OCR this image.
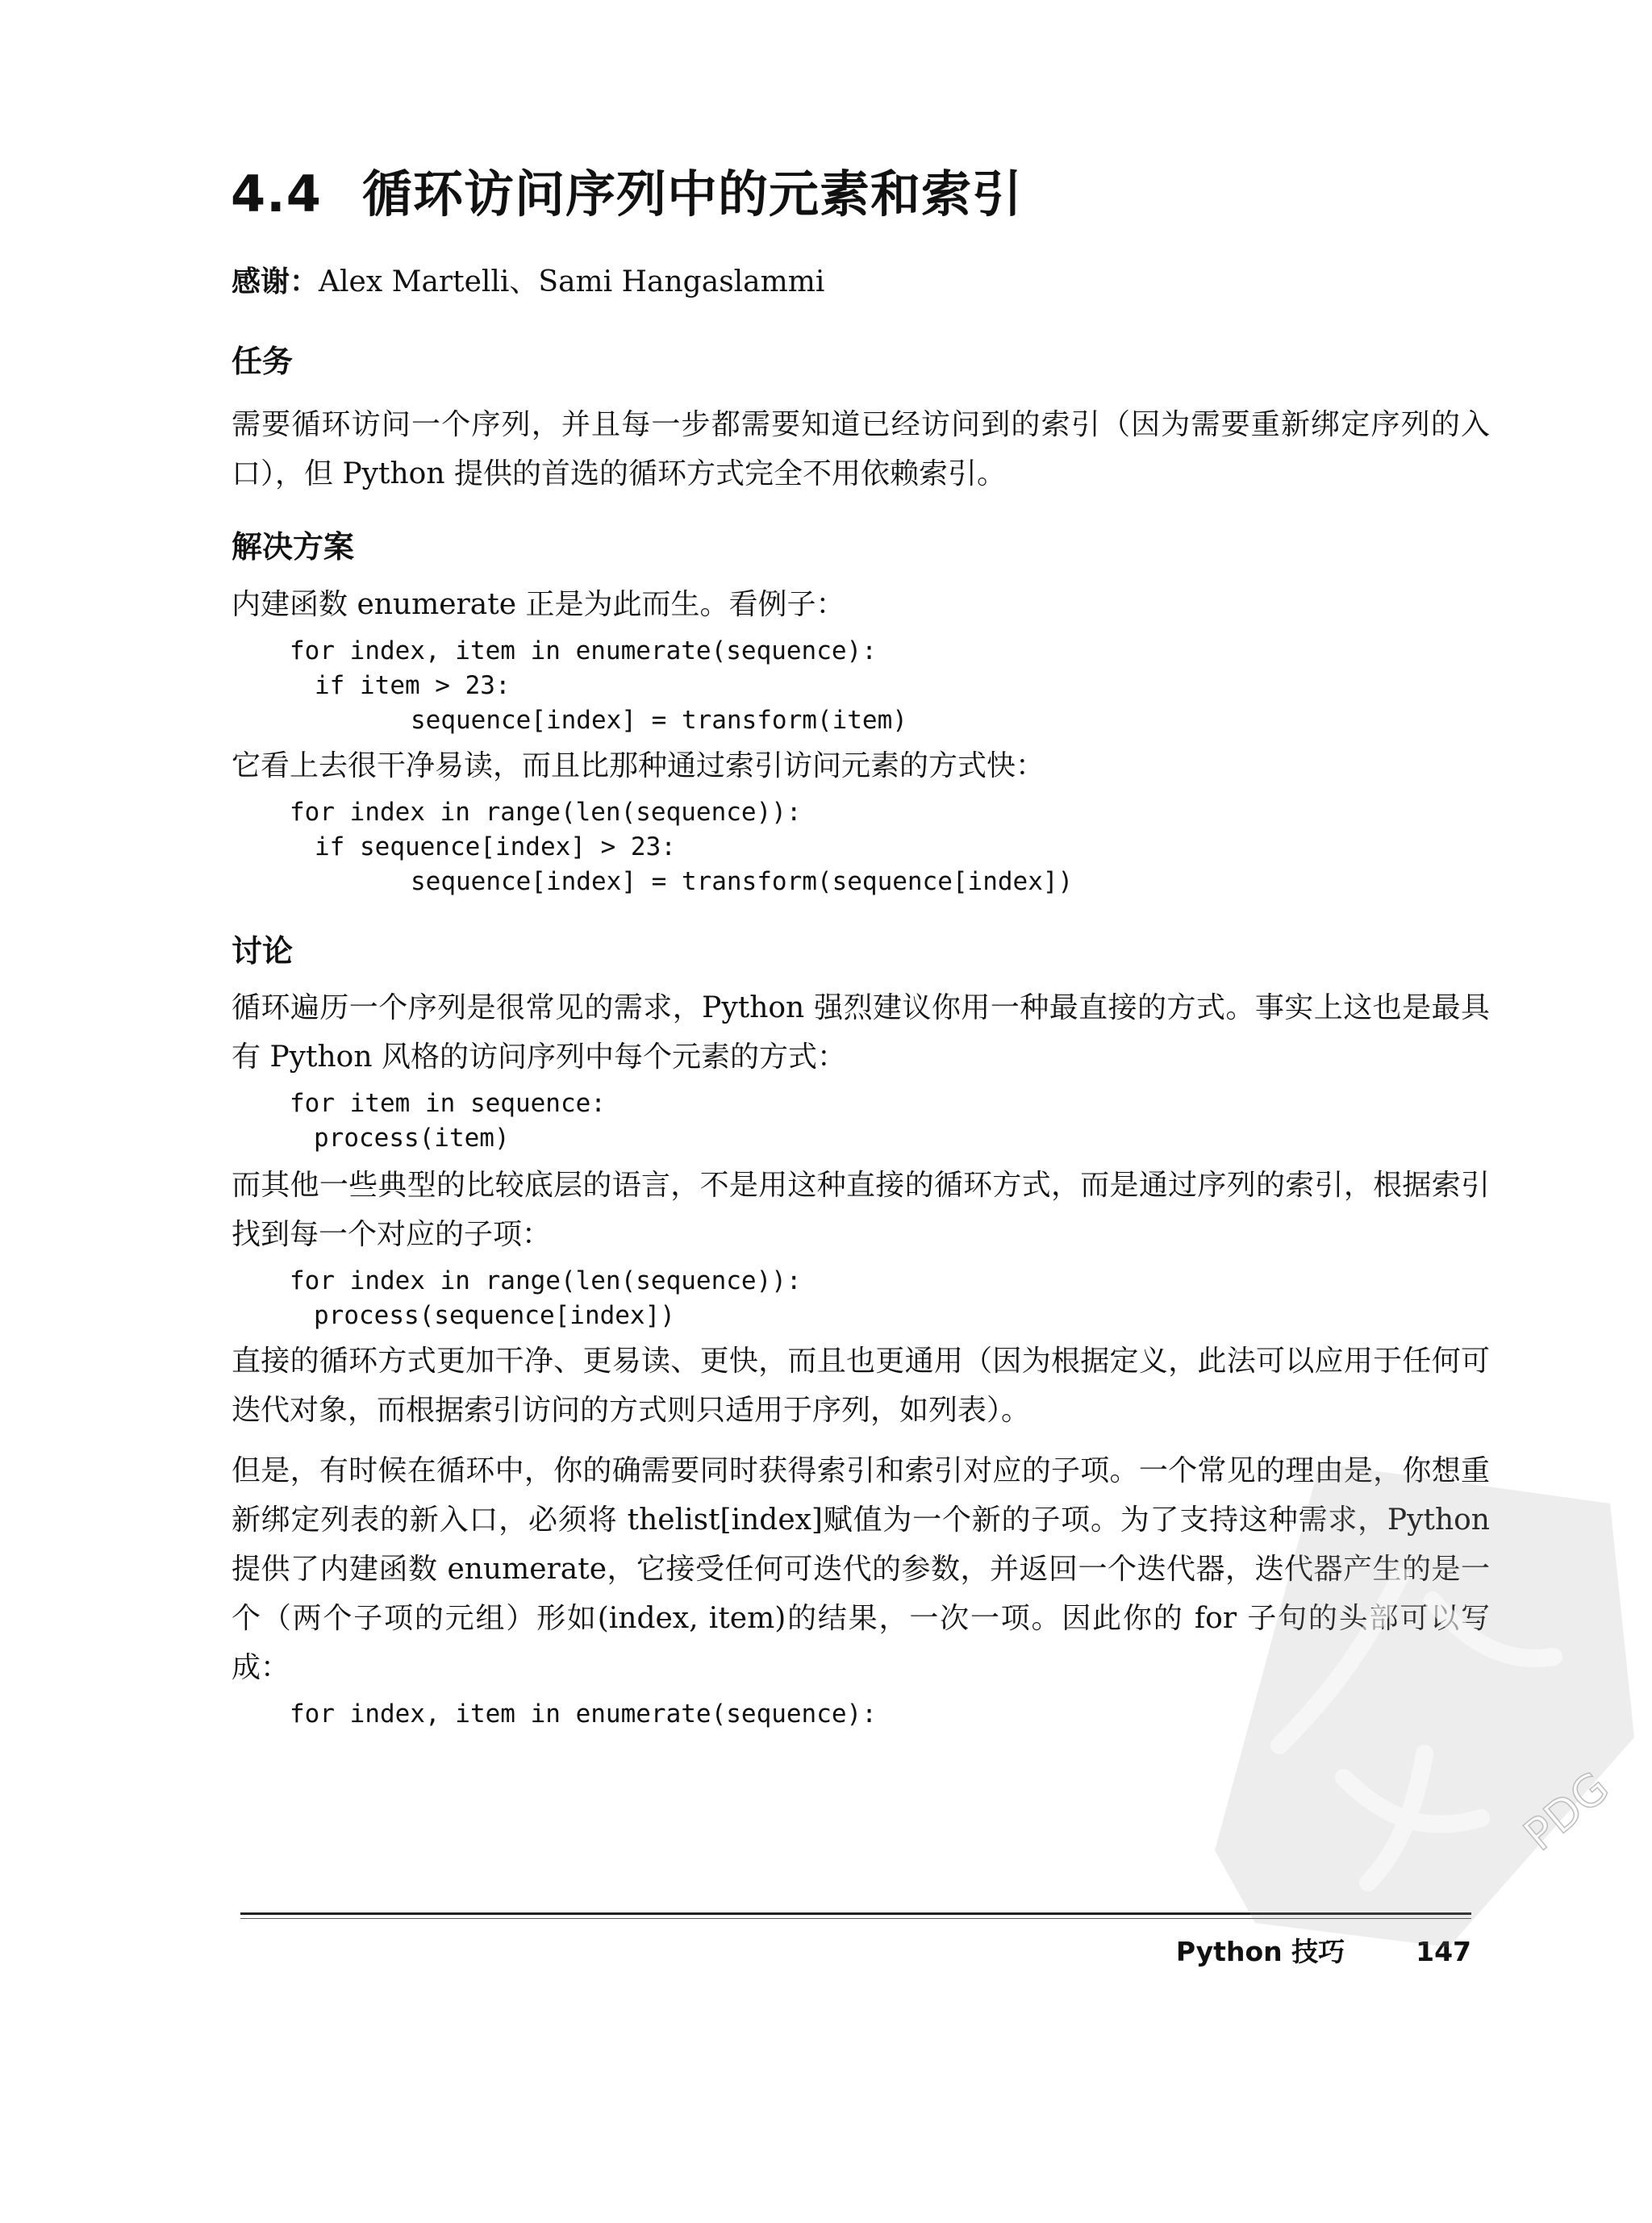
4.4 循环访问序列中的元素和索引
感谢：Alex Martelli、Sami Hangaslammi
任务

需要循环访问一个序列，并且每一步都需要知道已经访问到的索引（因为需要重新绑定序列的入口），但 Python 提供的首选的循环方式完全不用依赖索引。

解决方案

内建函数 enumerate 正是为此而生。看例子：

for index, item in enumerate(sequence):
if item > 23:
sequence[index] = transform(item)

它看上去很干净易读，而且比那种通过索引访问元素的方式快：

for index in range(len(sequence)):
if sequence[index] > 23:
sequence[index] = transform(sequence[index])
讨论

循环遍历一个序列是很常见的需求，Python 强烈建议你用一种最直接的方式。事实上这也是最具有 Python 风格的访问序列中每个元素的方式：

for item in sequence:
process(item)

而其他一些典型的比较底层的语言，不是用这种直接的循环方式，而是通过序列的索引，根据索引找到每一个对应的子项：

for index in range(len(sequence)):
process(sequence[index])

直接的循环方式更加干净、更易读、更快，而且也更通用（因为根据定义，此法可以应用于任何可迭代对象，而根据索引访问的方式则只适用于序列，如列表）。

但是，有时候在循环中，你的确需要同时获得索引和索引对应的子项。一个常见的理由是，你想重新绑定列表的新入口，必须将 thelist[index]赋值为一个新的子项。为了支持这种需求，Python 提供了内建函数 enumerate，它接受任何可迭代的参数，并返回一个迭代器，迭代器产生的是一个（两个子项的元组）形如(index, item)的结果，一次一项。因此你的 for 子句的头部可以写成：

for index, item in enumerate(sequence):
Python 技巧	147
PDG
